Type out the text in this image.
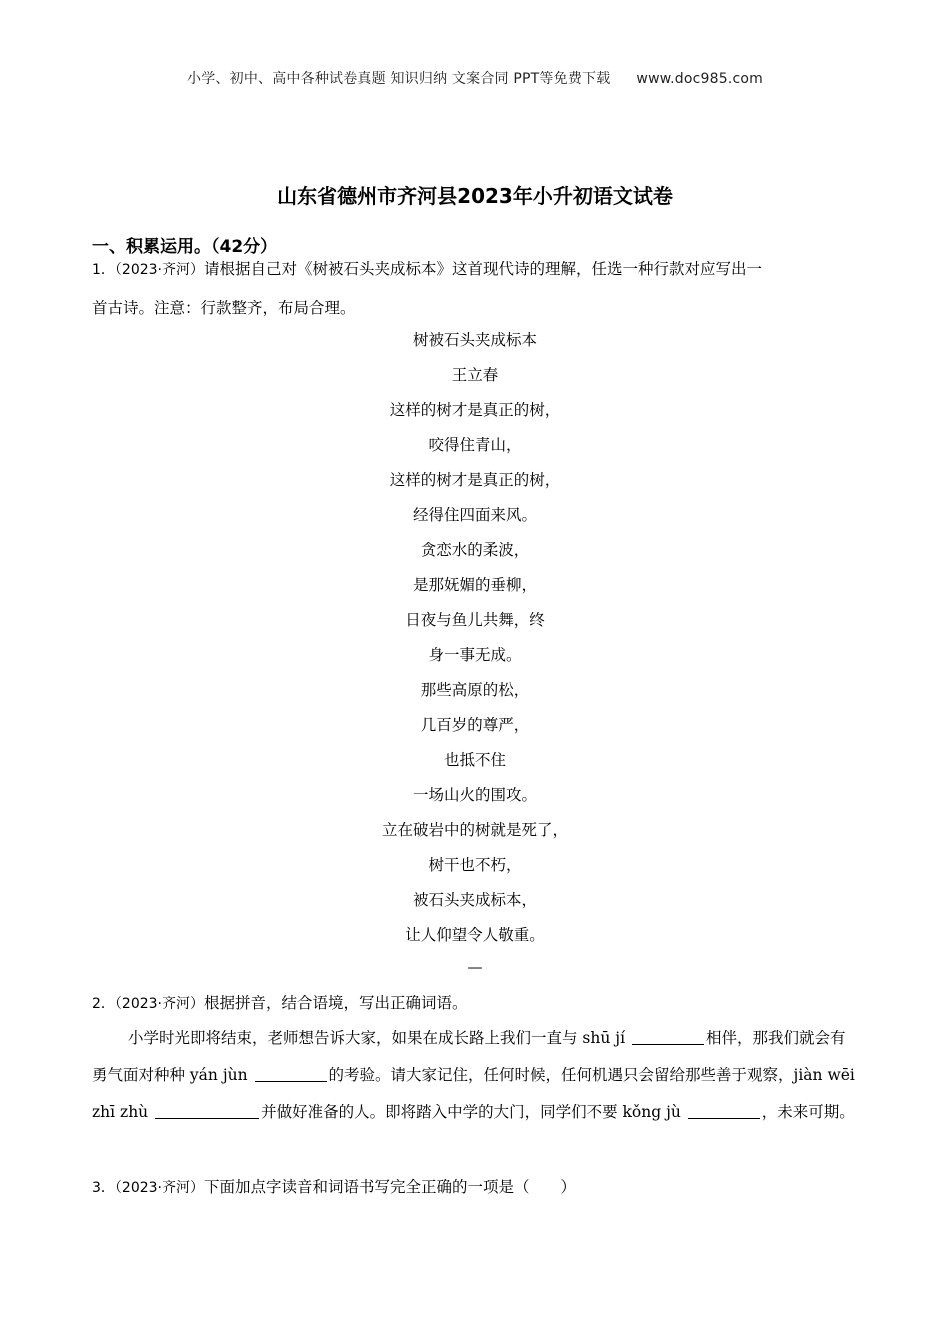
小学、初中、高中各种试卷真题 知识归纳 文案合同 PPT等免费下载 www.doc985.com
山东省德州市齐河县2023年小升初语文试卷
一、积累运用。（42分）
1．（2023·齐河）请根据自己对《树被石头夹成标本》这首现代诗的理解，任选一种行款对应写出一
首古诗。注意：行款整齐，布局合理。
树被石头夹成标本
王立春
这样的树才是真正的树，
咬得住青山，
这样的树才是真正的树，
经得住四面来风。
贪恋水的柔波，
是那妩媚的垂柳，
日夜与鱼儿共舞，终
身一事无成。
那些高原的松，
几百岁的尊严，
也抵不住
一场山火的围攻。
立在破岩中的树就是死了，
树干也不朽，
被石头夹成标本，
让人仰望令人敬重。
—
2．（2023·齐河）根据拼音，结合语境，写出正确词语。
小学时光即将结束，老师想告诉大家，如果在成长路上我们一直与 shū jí	相伴，那我们就会有勇气面对种种 yán jùn	的考验。请大家记住，任何时候，任何机遇只会留给那些善于观察，jiàn wēi zhī zhù	并做好准备的人。即将踏入中学的大门，同学们不要 kǒng jù	，未来可期。
3．（2023·齐河）下面加点字读音和词语书写完全正确的一项是（　　）
